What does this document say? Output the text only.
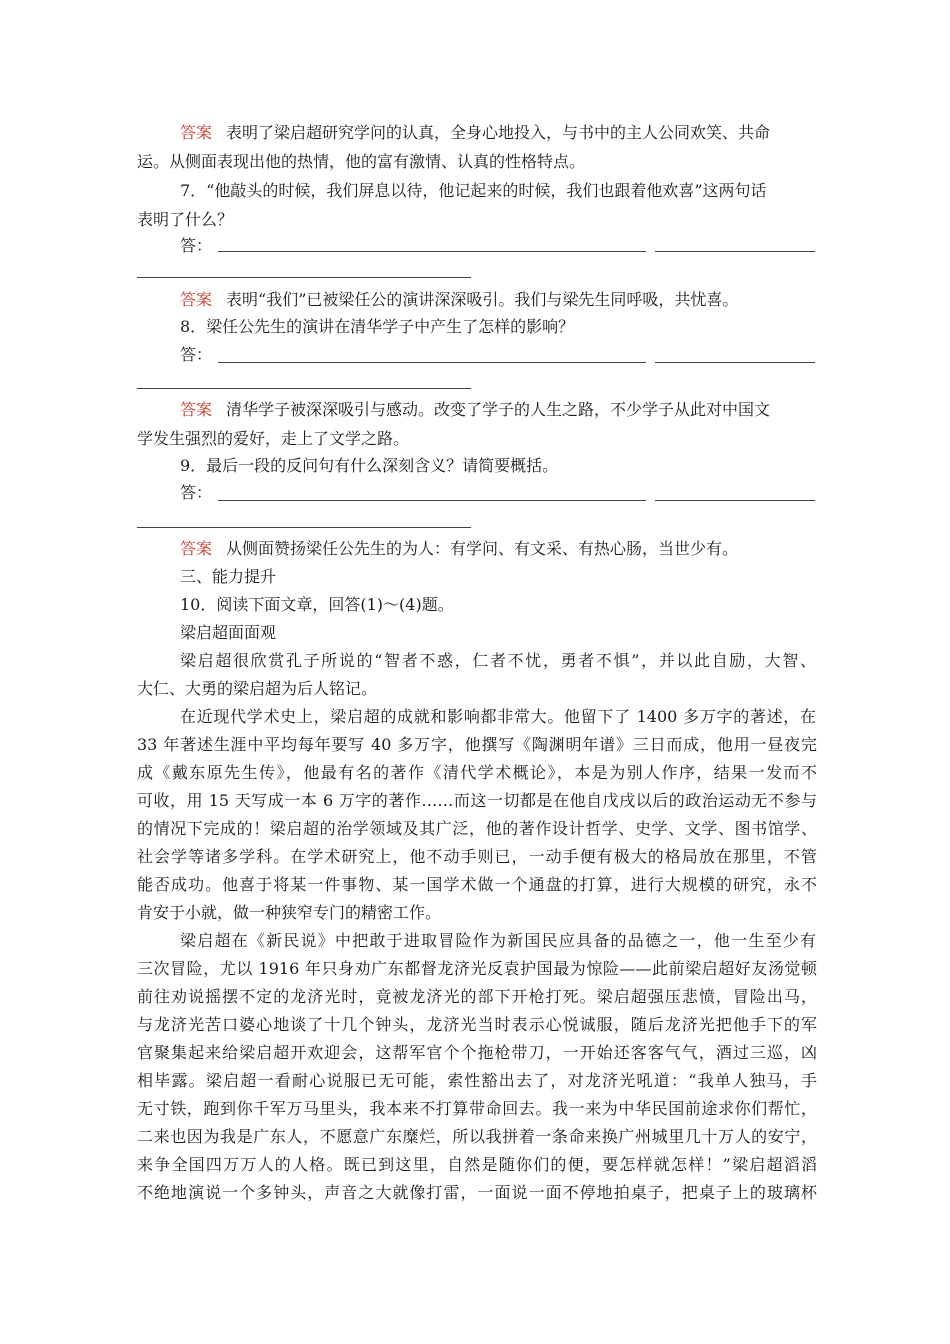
答案 表明了梁启超研究学问的认真，全身心地投入，与书中的主人公同欢笑、共命
运。从侧面表现出他的热情，他的富有激情、认真的性格特点。
7．“他敲头的时候，我们屏息以待，他记起来的时候，我们也跟着他欢喜”这两句话
表明了什么？
答：
答案 表明“我们”已被梁任公的演讲深深吸引。我们与梁先生同呼吸，共忧喜。
8．梁任公先生的演讲在清华学子中产生了怎样的影响？
答：
答案 清华学子被深深吸引与感动。改变了学子的人生之路，不少学子从此对中国文
学发生强烈的爱好，走上了文学之路。
9．最后一段的反问句有什么深刻含义？请简要概括。
答：
答案 从侧面赞扬梁任公先生的为人：有学问、有文采、有热心肠，当世少有。
三、能力提升
10．阅读下面文章，回答(1)～(4)题。
梁启超面面观
梁启超很欣赏孔子所说的“智者不惑，仁者不忧，勇者不惧”，并以此自励，大智、
大仁、大勇的梁启超为后人铭记。
在近现代学术史上，梁启超的成就和影响都非常大。他留下了 1400 多万字的著述，在
33 年著述生涯中平均每年要写 40 多万字，他撰写《陶渊明年谱》三日而成，他用一昼夜完
成《戴东原先生传》，他最有名的著作《清代学术概论》，本是为别人作序，结果一发而不
可收，用 15 天写成一本 6 万字的著作……而这一切都是在他自戊戌以后的政治运动无不参与
的情况下完成的！梁启超的治学领域及其广泛，他的著作设计哲学、史学、文学、图书馆学、
社会学等诸多学科。在学术研究上，他不动手则已，一动手便有极大的格局放在那里，不管
能否成功。他喜于将某一件事物、某一国学术做一个通盘的打算，进行大规模的研究，永不
肯安于小就，做一种狭窄专门的精密工作。
梁启超在《新民说》中把敢于进取冒险作为新国民应具备的品德之一，他一生至少有
三次冒险，尤以 1916 年只身劝广东都督龙济光反袁护国最为惊险——此前梁启超好友汤觉顿
前往劝说摇摆不定的龙济光时，竟被龙济光的部下开枪打死。梁启超强压悲愤，冒险出马，
与龙济光苦口婆心地谈了十几个钟头，龙济光当时表示心悦诚服，随后龙济光把他手下的军
官聚集起来给梁启超开欢迎会，这帮军官个个拖枪带刀，一开始还客客气气，酒过三巡，凶
相毕露。梁启超一看耐心说服已无可能，索性豁出去了，对龙济光吼道：“我单人独马，手
无寸铁，跑到你千军万马里头，我本来不打算带命回去。我一来为中华民国前途求你们帮忙，
二来也因为我是广东人，不愿意广东糜烂，所以我拼着一条命来换广州城里几十万人的安宁，
来争全国四万万人的人格。既已到这里，自然是随你们的便，要怎样就怎样！”梁启超滔滔
不绝地演说一个多钟头，声音之大就像打雷，一面说一面不停地拍桌子，把桌子上的玻璃杯
